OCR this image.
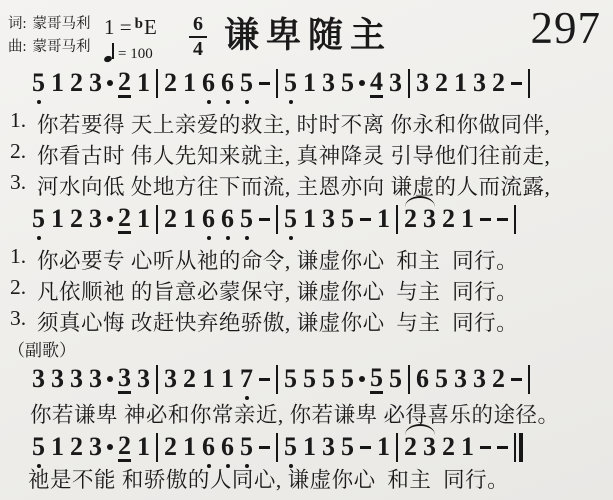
词: 蒙哥马利
曲: 蒙哥马利
1 = $^b$E
= 100
6
4 谦卑随主	297
5 1 2 3 2 1 2 1 6 6 5 5 1 3 5 4 3 3 2 1 3 2
1. 你若要得 天上亲爱的救主, 时时不离 你永和你做同伴,
2. 你看古时 伟人先知来就主, 真神降灵 引导他们往前走,
3. 河水向低 处地方往下而流, 主恩亦向 谦虚的人而流露,
5 1 2 3 2 1 2 1 6 6 5 5 1 3 5 1 2 3 2 1
1. 你必要专 心听从祂的命令, 谦虚你心  和主  同行。
2. 凡依顺祂 的旨意必蒙保守, 谦虚你心  与主  同行。
3. 须真心悔 改赶快弃绝骄傲, 谦虚你心  与主  同行。
（副歌）
3 3 3 3 3 3 3 2 1 1 7 5 5 5 5 5 5 6 5 3 3 2
你若谦卑 神必和你常亲近, 你若谦卑 必得喜乐的途径。
5 1 2 3 2 1 2 1 6 6 5 5 1 3 5 1 2 3 2 1
祂是不能 和骄傲的人同心, 谦虚你心  和主  同行。
